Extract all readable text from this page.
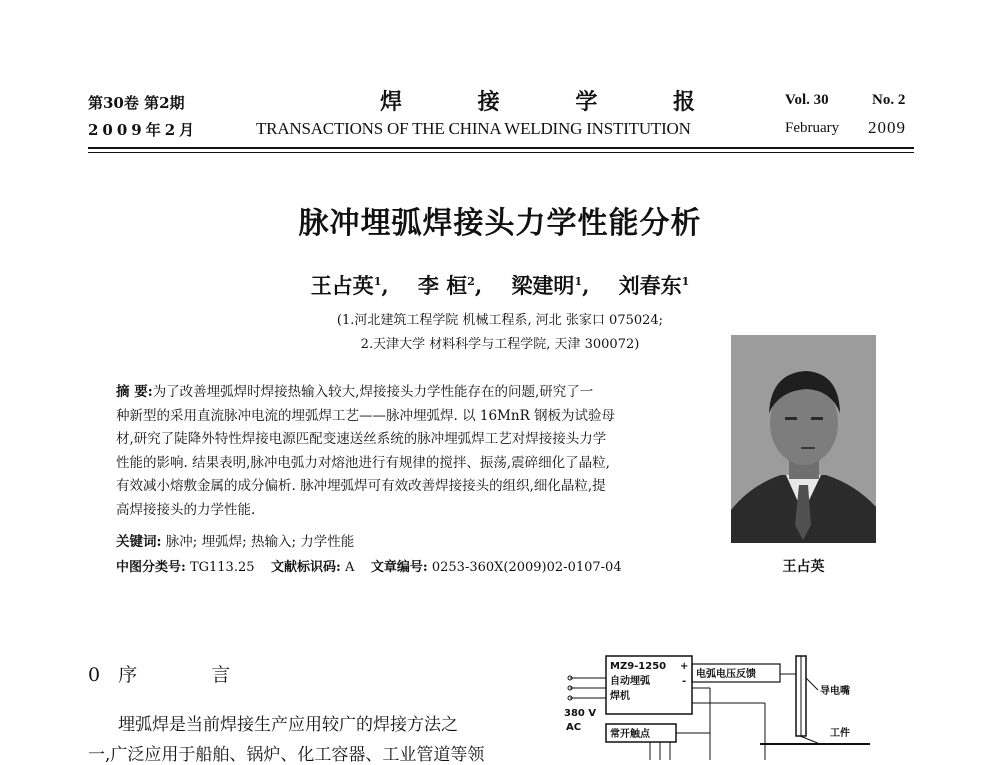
第30卷 第2期
2009年2月
焊 接 学 报
TRANSACTIONS OF THE CHINA WELDING INSTITUTION
Vol. 30	No. 2
February 2009
脉冲埋弧焊接头力学性能分析
王占英$^1$,    李 桓$^2$,    梁建明$^1$,    刘春东$^1$
(1.河北建筑工程学院 机械工程系, 河北 张家口 075024;
2.天津大学 材料科学与工程学院, 天津 300072)
摘 要:为了改善埋弧焊时焊接热输入较大,焊接接头力学性能存在的问题,研究了一
种新型的采用直流脉冲电流的埋弧焊工艺——脉冲埋弧焊. 以 16MnR 钢板为试验母
材,研究了陡降外特性焊接电源匹配变速送丝系统的脉冲埋弧焊工艺对焊接接头力学
性能的影响. 结果表明,脉冲电弧力对熔池进行有规律的搅拌、振荡,震碎细化了晶粒,
有效减小熔敷金属的成分偏析. 脉冲埋弧焊可有效改善焊接接头的组织,细化晶粒,提
高焊接接头的力学性能.
关键词: 脉冲; 埋弧焊; 热输入; 力学性能
中图分类号: TG113.25 文献标识码: A 文章编号: 0253-360X(2009)02-0107-04	王占英
0 序 言
埋弧焊是当前焊接生产应用较广的焊接方法之
一,广泛应用于船舶、锅炉、化工容器、工业管道等领
MZ9-1250
自动埋弧
焊机
+
-
380 V
AC
电弧电压反馈
常开触点
导电嘴
工件
